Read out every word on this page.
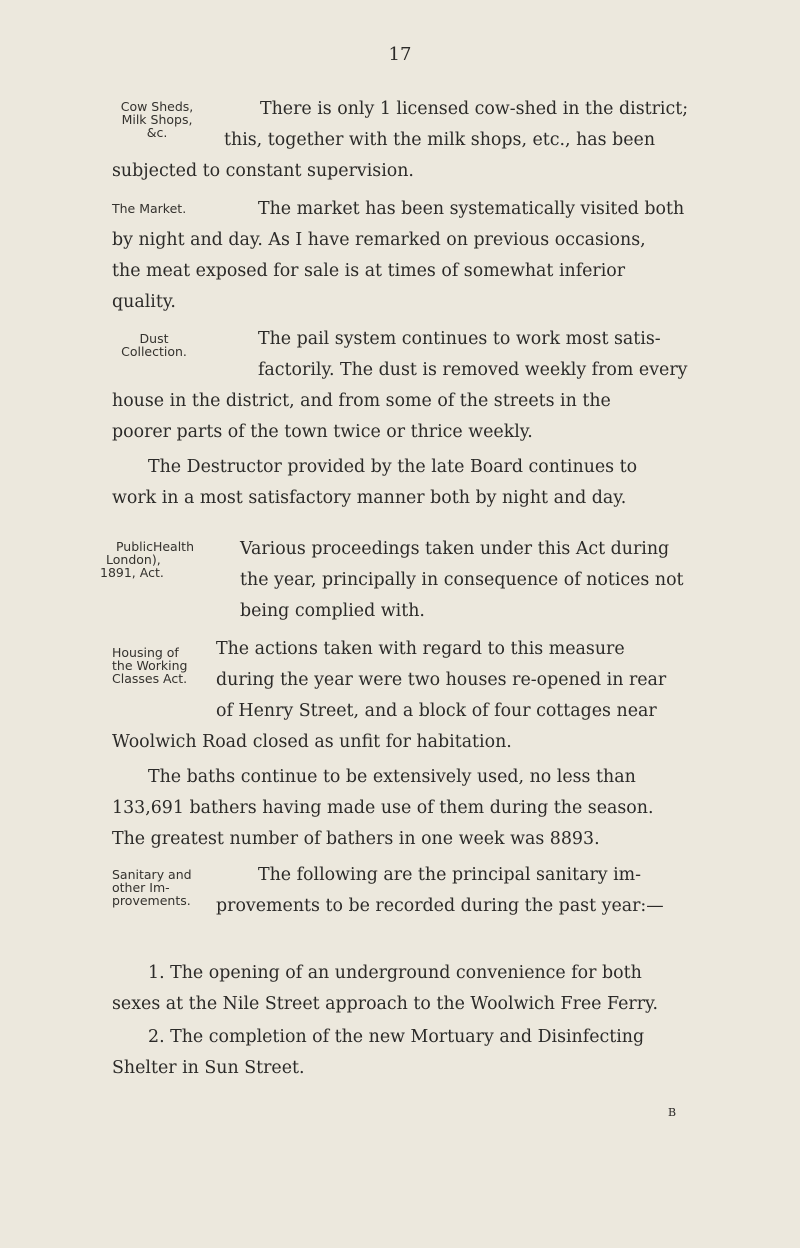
17
Cow Sheds,
Milk Shops,
&c.

There is only 1 licensed cow-shed in the district;

this, together with the milk shops, etc., has been

subjected to constant supervision.

The Market.	The market has been systematically visited both

by night and day. As I have remarked on previous occasions,

the meat exposed for sale is at times of somewhat inferior

quality.

Dust
Collection.

The pail system continues to work most satis-

factorily. The dust is removed weekly from every

house in the district, and from some of the streets in the

poorer parts of the town twice or thrice weekly.

The Destructor provided by the late Board continues to

work in a most satisfactory manner both by night and day.

PublicHealth
London),
1891, Act.

Various proceedings taken under this Act during

the year, principally in consequence of notices not

being complied with.

Housing of
the Working
Classes Act.

The actions taken with regard to this measure

during the year were two houses re-opened in rear

of Henry Street, and a block of four cottages near

Woolwich Road closed as unfit for habitation.

The baths continue to be extensively used, no less than

133,691 bathers having made use of them during the season.

The greatest number of bathers in one week was 8893.

Sanitary and
other Im-
provements.

The following are the principal sanitary im-

provements to be recorded during the past year:—

1. The opening of an underground convenience for both

sexes at the Nile Street approach to the Woolwich Free Ferry.

2. The completion of the new Mortuary and Disinfecting

Shelter in Sun Street.

B
